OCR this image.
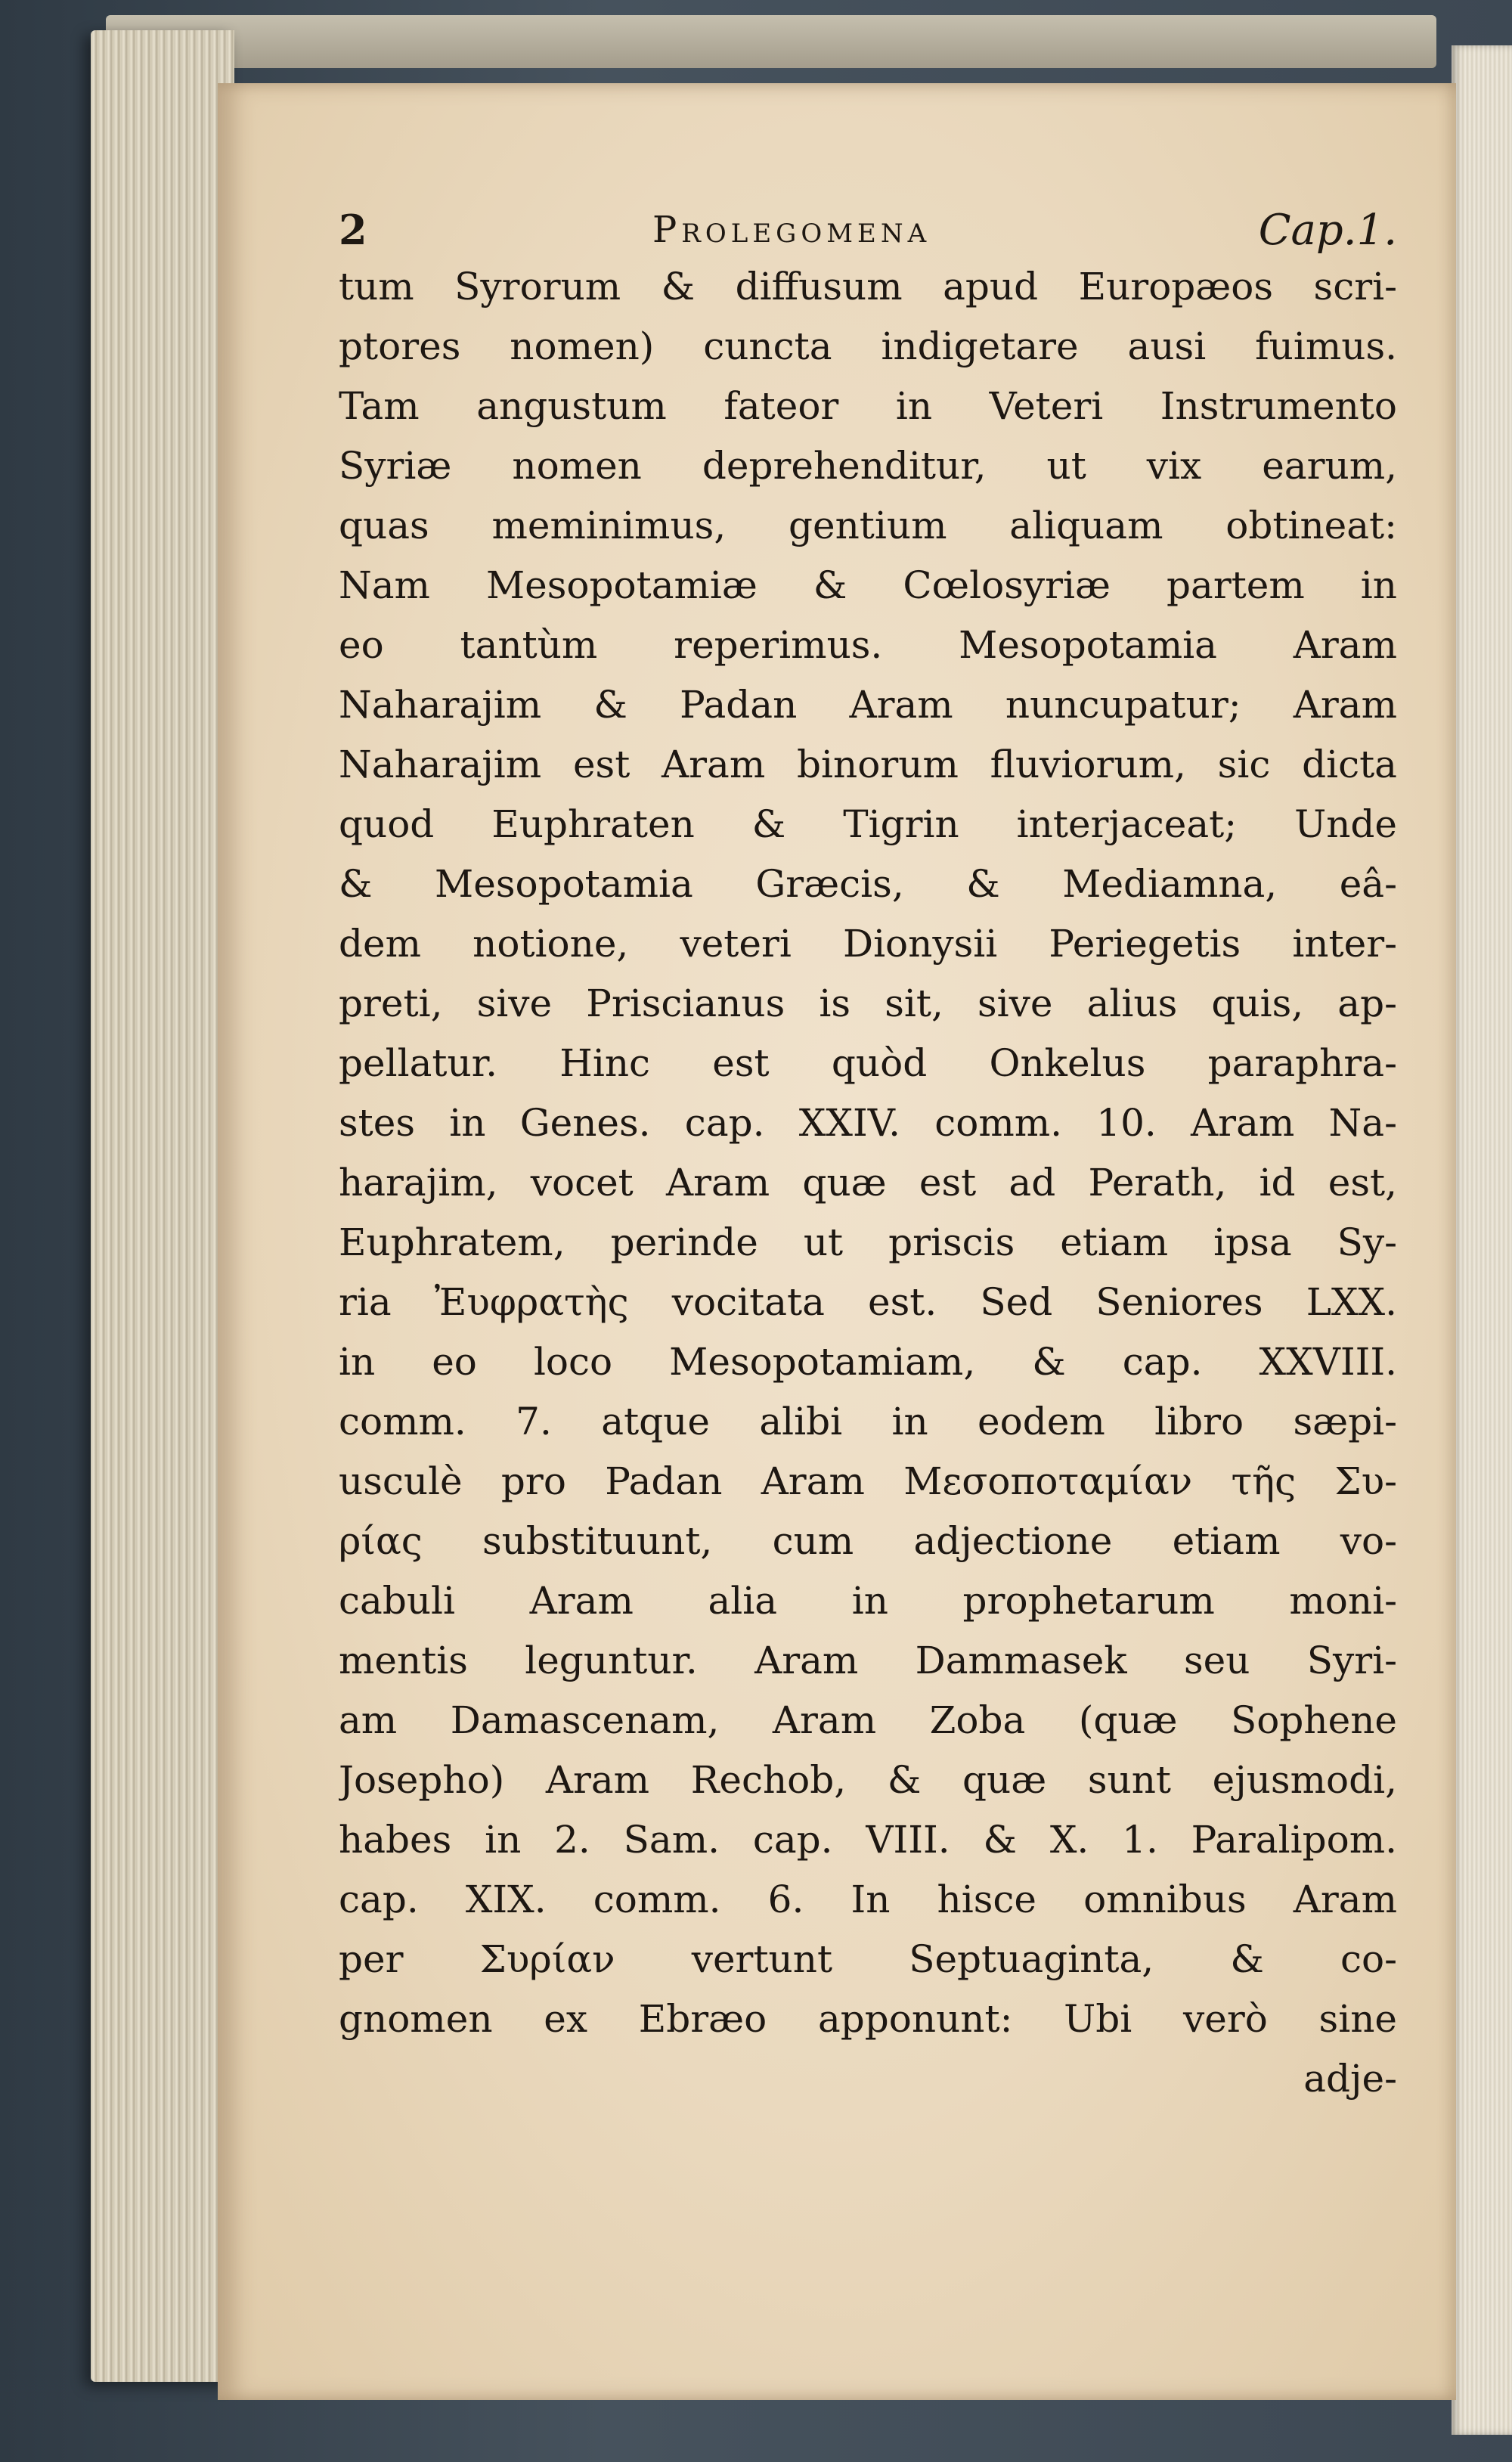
2	Prolegomena	Cap.1.
tum Syrorum & diffusum apud Europæos scri-
ptores nomen) cuncta indigetare ausi fuimus.
Tam angustum fateor in Veteri Instrumento
Syriæ nomen deprehenditur, ut vix earum,
quas meminimus, gentium aliquam obtineat:
Nam Mesopotamiæ & Cœlosyriæ partem in
eo tantùm reperimus. Mesopotamia Aram
Naharajim & Padan Aram nuncupatur; Aram
Naharajim est Aram binorum fluviorum, sic dicta
quod Euphraten & Tigrin interjaceat; Unde
& Mesopotamia Græcis, & Mediamna, eâ-
dem notione, veteri Dionysii Periegetis inter-
preti, sive Priscianus is sit, sive alius quis, ap-
pellatur. Hinc est quòd Onkelus paraphra-
stes in Genes. cap. XXIV. comm. 10. Aram Na-
harajim, vocet Aram quæ est ad Perath, id est,
Euphratem, perinde ut priscis etiam ipsa Sy-
ria Ἐυφρατὴς vocitata est. Sed Seniores LXX.
in eo loco Mesopotamiam, & cap. XXVIII.
comm. 7. atque alibi in eodem libro sæpi-
usculè pro Padan Aram Μεσοποταμίαν τῆς Συ-
ρίας substituunt, cum adjectione etiam vo-
cabuli Aram alia in prophetarum moni-
mentis leguntur. Aram Dammasek seu Syri-
am Damascenam, Aram Zoba (quæ Sophene
Josepho) Aram Rechob, & quæ sunt ejusmodi,
habes in 2. Sam. cap. VIII. & X. 1. Paralipom.
cap. XIX. comm. 6. In hisce omnibus Aram
per Συρίαν vertunt Septuaginta, & co-
gnomen ex Ebræo apponunt: Ubi verò sine
adje-
